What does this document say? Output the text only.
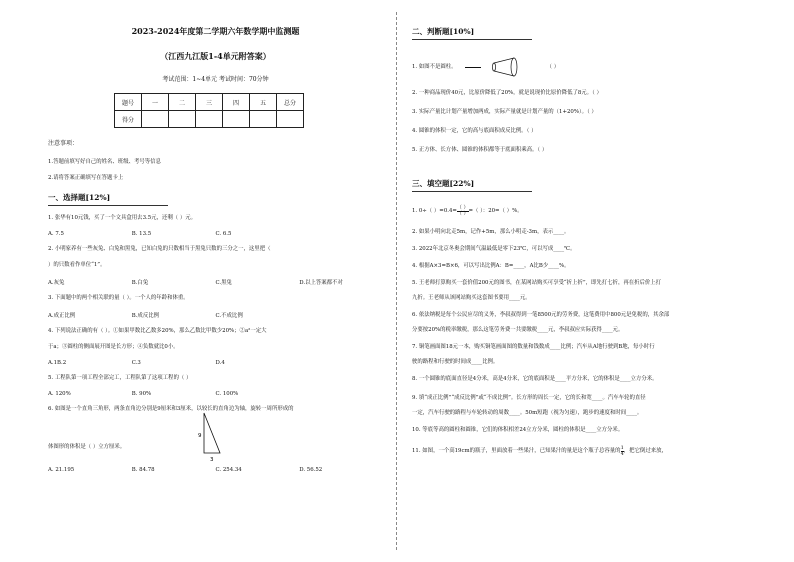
2023-2024年度第二学期六年数学期中监测题
（江西九江版1-4单元附答案）
考试范围：1~4单元 考试时间：70分钟
题号	一	二	三	四	五	总分
得分						
注意事项：
1.答题前填写好自己的姓名、班级、考号等信息
2.请将答案正确填写在答题卡上
一、选择题[12%]
1. 张华有10元钱，买了一个文具盒用去3.5元，还剩（ ）元。
A. 7.5	B. 13.5	C. 6.5
2. 小明家养有一些灰兔、白兔和黑兔，已知白兔的只数相当于黑兔只数的三分之一，这里把（
）的只数看作单位“1”。
A.灰兔	B.白兔	C.黑兔	D.以上答案都不对
3. 下面题中的两个相关联的量（ ）。一个人的年龄和体重。
A.成正比例	B.成反比例	C.不成比例
4. 下列说法正确的有（ ）。①如果甲数比乙数多20%，那么乙数比甲数少20%；②a²一定大
于a；③圆柱的侧面展开图是长方形；④负数就比0小。
A.1B.2	C.3	D.4
5. 工程队第一项工程全部完工，工程队第了这项工程的（ ）
A. 120%	B. 90%	C. 100%
6. 如图是一个直角三角形，两条直角边分别是9厘米和3厘米，以较长的直角边为轴，旋转一周所形成的
体图形的体积是（ ）立方厘米。
9
3
A. 21.195	B. 84.78	C. 254.34	D. 56.52
二、判断题[10%]
1. 如图不是圆柱。	（ ）
2. 一种商品现价40元，比原价降低了20%，就是说现价比原价降低了8元。（ ）
3. 实际产量比计划产量增加两成，实际产量就是计划产量的（1+20%）。（ ）
4. 圆锥的体积一定，它的高与底面积成反比例。（ ）
5. 正方体、长方体、圆锥的体积都等于底面积乘高。（ ）
三、填空题[22%]
1. 0÷（ ）$=0.4= \frac{( )}{( )}$ =（ ）：20=（ ）%。
2. 如果小明向北走5m，记作+5m，那么小明走-3m，表示____。
3. 2022年北京冬奥会期间气温最低是零下23℃，可以写成____℃。
4. 根据A×3=B×6，可以写出比例A：B=____，A比B少____%。
5. 王老师打算购买一套价值200元的图书，在某网站购买可享受“折上折”，即先打七折，再在折后价上打
九折。王老师从该网站购买这套图书要用____元。
6. 依法纳税是每个公民应尽的义务，李叔叔得到一笔8500元的劳务费，这笔费用中800元是免税的，其余部
分要按20%的税率缴税，那么这笔劳务费一共要缴税____元，李叔叔应实际获得____元。
7. 铜笔画面图18元一本，购买铜笔画面图的数量和钱数成____比例；汽车从A地行驶到B地，每小时行
驶的路程和行驶的时间成____比例。
8. 一个圆锥的底面直径是4分米，高是4分米，它的底面积是____平方分米，它的体积是____立方分米。
9. 填“成正比例”“成反比例”或“不成比例”。长方形的周长一定，它的长和宽____。汽车车轮的直径
一定，汽车行驶的路程与车轮转动的周数____。50m短跑（视为匀速），跑步的速度和时间____。
10. 等底等高的圆柱和圆锥，它们的体积相差24立方分米，圆柱的体积是____立方分米。
11. 如图，一个高19cm的瓶子，里面放着一些果汁，已知果汁的量是这个瓶子总容量的 $\frac{1}{4}$ ，把它倒过来放，
